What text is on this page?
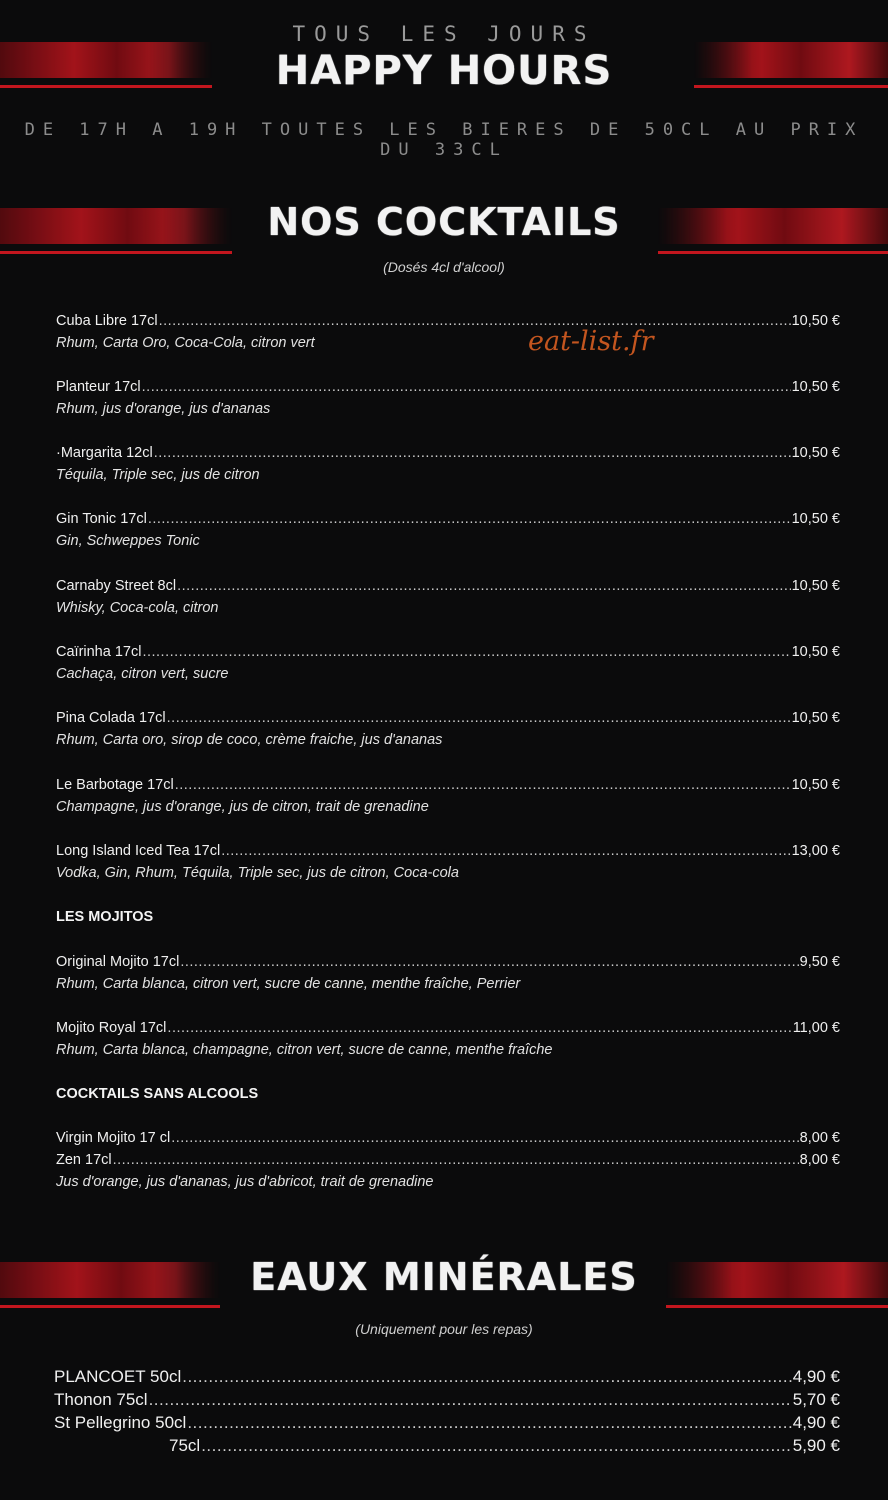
TOUS LES JOURS
HAPPY HOURS
DE 17H A 19H TOUTES LES BIERES DE 50CL AU PRIX DU 33CL
NOS COCKTAILS
(Dosés 4cl d'alcool)
eat-list.fr
Cuba Libre 17cl .....	10,50 €
Rhum, Carta Oro, Coca-Cola, citron vert
Planteur 17cl .....	10,50 €
Rhum, jus d'orange, jus d'ananas
·Margarita 12cl .....	10,50 €
Téquila, Triple sec, jus de citron
Gin Tonic 17cl .....	10,50 €
Gin, Schweppes Tonic
Carnaby Street 8cl .....	10,50 €
Whisky, Coca-cola, citron
Caïrinha 17cl .....	10,50 €
Cachaça, citron vert, sucre
Pina Colada 17cl .....	10,50 €
Rhum, Carta oro, sirop de coco, crème fraiche, jus d'ananas
Le Barbotage 17cl .....	10,50 €
Champagne, jus d'orange, jus de citron, trait de grenadine
Long Island Iced Tea 17cl .....	13,00 €
Vodka, Gin, Rhum, Téquila, Triple sec, jus de citron, Coca-cola
LES MOJITOS
Original Mojito 17cl .....	9,50 €
Rhum, Carta blanca, citron vert, sucre de canne, menthe fraîche, Perrier
Mojito Royal 17cl .....	11,00 €
Rhum, Carta blanca, champagne, citron vert, sucre de canne, menthe fraîche
COCKTAILS SANS ALCOOLS
Virgin Mojito 17 cl .....	8,00 €
Zen 17cl .....	8,00 €
Jus d'orange, jus d'ananas, jus d'abricot, trait de grenadine
EAUX MINÉRALES
(Uniquement pour les repas)
PLANCOET 50cl .....	4,90 €
Thonon 75cl .....	5,70 €
St Pellegrino 50cl .....	4,90 €
75cl .....	5,90 €
